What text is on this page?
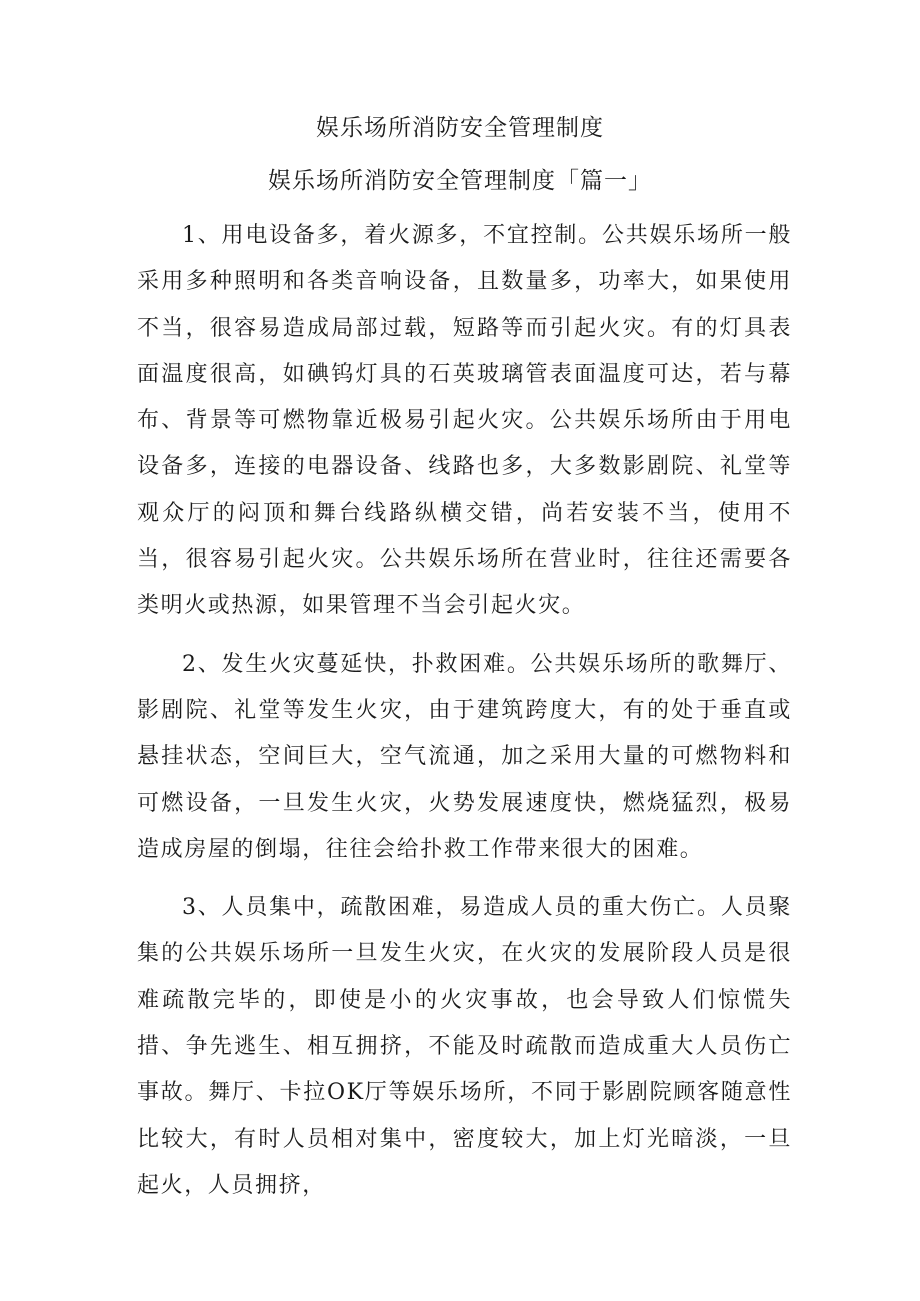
娱乐场所消防安全管理制度
娱乐场所消防安全管理制度「篇一」

1、用电设备多，着火源多，不宜控制。公共娱乐场所一般采用多种照明和各类音响设备，且数量多，功率大，如果使用不当，很容易造成局部过载，短路等而引起火灾。有的灯具表面温度很高，如碘钨灯具的石英玻璃管表面温度可达，若与幕布、背景等可燃物靠近极易引起火灾。公共娱乐场所由于用电设备多，连接的电器设备、线路也多，大多数影剧院、礼堂等观众厅的闷顶和舞台线路纵横交错，尚若安装不当，使用不当，很容易引起火灾。公共娱乐场所在营业时，往往还需要各类明火或热源，如果管理不当会引起火灾。

2、发生火灾蔓延快，扑救困难。公共娱乐场所的歌舞厅、影剧院、礼堂等发生火灾，由于建筑跨度大，有的处于垂直或悬挂状态，空间巨大，空气流通，加之采用大量的可燃物料和可燃设备，一旦发生火灾，火势发展速度快，燃烧猛烈，极易造成房屋的倒塌，往往会给扑救工作带来很大的困难。

3、人员集中，疏散困难，易造成人员的重大伤亡。人员聚集的公共娱乐场所一旦发生火灾，在火灾的发展阶段人员是很难疏散完毕的，即使是小的火灾事故，也会导致人们惊慌失措、争先逃生、相互拥挤，不能及时疏散而造成重大人员伤亡事故。舞厅、卡拉OK厅等娱乐场所，不同于影剧院顾客随意性比较大，有时人员相对集中，密度较大，加上灯光暗淡，一旦起火，人员拥挤，
